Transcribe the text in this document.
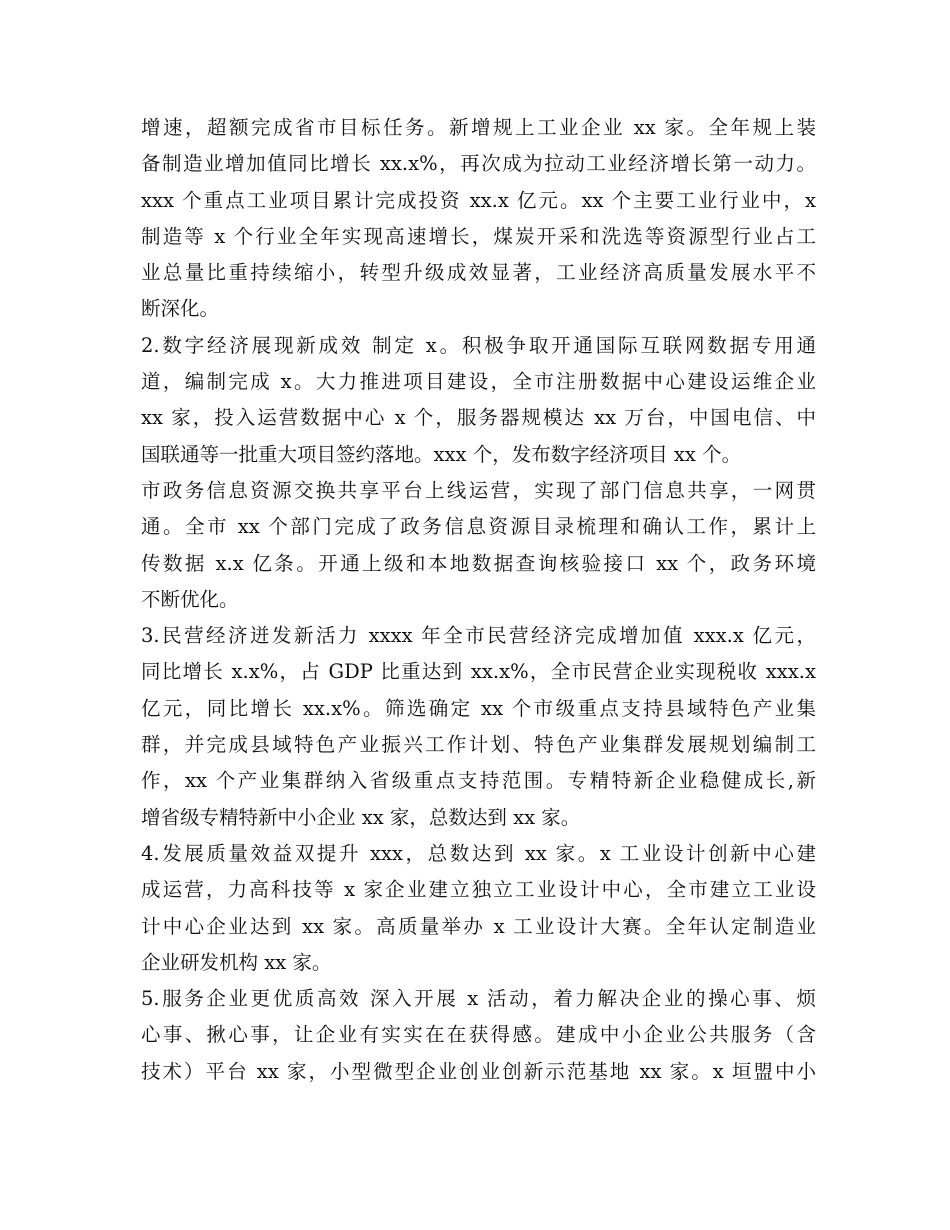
增速，超额完成省市目标任务。新增规上工业企业 xx 家。全年规上装
备制造业增加值同比增长 xx.x%，再次成为拉动工业经济增长第一动力。
xxx 个重点工业项目累计完成投资 xx.x 亿元。xx 个主要工业行业中，x
制造等 x 个行业全年实现高速增长，煤炭开采和洗选等资源型行业占工
业总量比重持续缩小，转型升级成效显著，工业经济高质量发展水平不
断深化。
2.数字经济展现新成效 制定 x。积极争取开通国际互联网数据专用通
道，编制完成 x。大力推进项目建设，全市注册数据中心建设运维企业
xx 家，投入运营数据中心 x 个，服务器规模达 xx 万台，中国电信、中
国联通等一批重大项目签约落地。xxx 个，发布数字经济项目 xx 个。
市政务信息资源交换共享平台上线运营，实现了部门信息共享，一网贯
通。全市 xx 个部门完成了政务信息资源目录梳理和确认工作，累计上
传数据 x.x 亿条。开通上级和本地数据查询核验接口 xx 个，政务环境
不断优化。
3.民营经济迸发新活力 xxxx 年全市民营经济完成增加值 xxx.x 亿元，
同比增长 x.x%，占 GDP 比重达到 xx.x%，全市民营企业实现税收 xxx.x
亿元，同比增长 xx.x%。筛选确定 xx 个市级重点支持县域特色产业集
群，并完成县域特色产业振兴工作计划、特色产业集群发展规划编制工
作，xx 个产业集群纳入省级重点支持范围。专精特新企业稳健成长,新
增省级专精特新中小企业 xx 家，总数达到 xx 家。
4.发展质量效益双提升 xxx，总数达到 xx 家。x 工业设计创新中心建
成运营，力高科技等 x 家企业建立独立工业设计中心，全市建立工业设
计中心企业达到 xx 家。高质量举办 x 工业设计大赛。全年认定制造业
企业研发机构 xx 家。
5.服务企业更优质高效 深入开展 x 活动，着力解决企业的操心事、烦
心事、揪心事，让企业有实实在在获得感。建成中小企业公共服务（含
技术）平台 xx 家，小型微型企业创业创新示范基地 xx 家。x 垣盟中小
